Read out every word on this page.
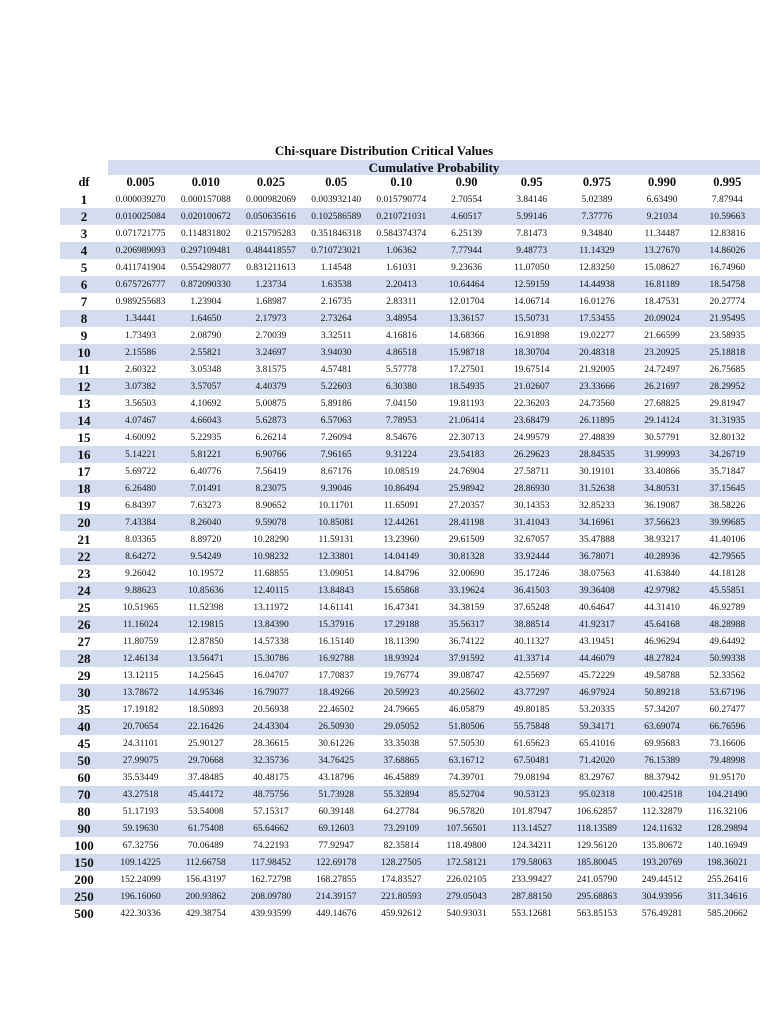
Chi-square Distribution Critical Values
Cumulative Probability
df	0.005	0.010	0.025	0.05	0.10	0.90	0.95	0.975	0.990	0.995
1	0.000039270	0.000157088	0.000982069	0.003932140	0.015790774	2.70554	3.84146	5.02389	6.63490	7.87944
2	0.010025084	0.020100672	0.050635616	0.102586589	0.210721031	4.60517	5.99146	7.37776	9.21034	10.59663
3	0.071721775	0.114831802	0.215795283	0.351846318	0.584374374	6.25139	7.81473	9.34840	11.34487	12.83816
4	0.206989093	0.297109481	0.484418557	0.710723021	1.06362	7.77944	9.48773	11.14329	13.27670	14.86026
5	0.411741904	0.554298077	0.831211613	1.14548	1.61031	9.23636	11.07050	12.83250	15.08627	16.74960
6	0.675726777	0.872090330	1.23734	1.63538	2.20413	10.64464	12.59159	14.44938	16.81189	18.54758
7	0.989255683	1.23904	1.68987	2.16735	2.83311	12.01704	14.06714	16.01276	18.47531	20.27774
8	1.34441	1.64650	2.17973	2.73264	3.48954	13.36157	15.50731	17.53455	20.09024	21.95495
9	1.73493	2.08790	2.70039	3.32511	4.16816	14.68366	16.91898	19.02277	21.66599	23.58935
10	2.15586	2.55821	3.24697	3.94030	4.86518	15.98718	18.30704	20.48318	23.20925	25.18818
11	2.60322	3.05348	3.81575	4.57481	5.57778	17.27501	19.67514	21.92005	24.72497	26.75685
12	3.07382	3.57057	4.40379	5.22603	6.30380	18.54935	21.02607	23.33666	26.21697	28.29952
13	3.56503	4.10692	5.00875	5.89186	7.04150	19.81193	22.36203	24.73560	27.68825	29.81947
14	4.07467	4.66043	5.62873	6.57063	7.78953	21.06414	23.68479	26.11895	29.14124	31.31935
15	4.60092	5.22935	6.26214	7.26094	8.54676	22.30713	24.99579	27.48839	30.57791	32.80132
16	5.14221	5.81221	6.90766	7.96165	9.31224	23.54183	26.29623	28.84535	31.99993	34.26719
17	5.69722	6.40776	7.56419	8.67176	10.08519	24.76904	27.58711	30.19101	33.40866	35.71847
18	6.26480	7.01491	8.23075	9.39046	10.86494	25.98942	28.86930	31.52638	34.80531	37.15645
19	6.84397	7.63273	8.90652	10.11701	11.65091	27.20357	30.14353	32.85233	36.19087	38.58226
20	7.43384	8.26040	9.59078	10.85081	12.44261	28.41198	31.41043	34.16961	37.56623	39.99685
21	8.03365	8.89720	10.28290	11.59131	13.23960	29.61509	32.67057	35.47888	38.93217	41.40106
22	8.64272	9.54249	10.98232	12.33801	14.04149	30.81328	33.92444	36.78071	40.28936	42.79565
23	9.26042	10.19572	11.68855	13.09051	14.84796	32.00690	35.17246	38.07563	41.63840	44.18128
24	9.88623	10.85636	12.40115	13.84843	15.65868	33.19624	36.41503	39.36408	42.97982	45.55851
25	10.51965	11.52398	13.11972	14.61141	16.47341	34.38159	37.65248	40.64647	44.31410	46.92789
26	11.16024	12.19815	13.84390	15.37916	17.29188	35.56317	38.88514	41.92317	45.64168	48.28988
27	11.80759	12.87850	14.57338	16.15140	18.11390	36.74122	40.11327	43.19451	46.96294	49.64492
28	12.46134	13.56471	15.30786	16.92788	18.93924	37.91592	41.33714	44.46079	48.27824	50.99338
29	13.12115	14.25645	16.04707	17.70837	19.76774	39.08747	42.55697	45.72229	49.58788	52.33562
30	13.78672	14.95346	16.79077	18.49266	20.59923	40.25602	43.77297	46.97924	50.89218	53.67196
35	17.19182	18.50893	20.56938	22.46502	24.79665	46.05879	49.80185	53.20335	57.34207	60.27477
40	20.70654	22.16426	24.43304	26.50930	29.05052	51.80506	55.75848	59.34171	63.69074	66.76596
45	24.31101	25.90127	28.36615	30.61226	33.35038	57.50530	61.65623	65.41016	69.95683	73.16606
50	27.99075	29.70668	32.35736	34.76425	37.68865	63.16712	67.50481	71.42020	76.15389	79.48998
60	35.53449	37.48485	40.48175	43.18796	46.45889	74.39701	79.08194	83.29767	88.37942	91.95170
70	43.27518	45.44172	48.75756	51.73928	55.32894	85.52704	90.53123	95.02318	100.42518	104.21490
80	51.17193	53.54008	57.15317	60.39148	64.27784	96.57820	101.87947	106.62857	112.32879	116.32106
90	59.19630	61.75408	65.64662	69.12603	73.29109	107.56501	113.14527	118.13589	124.11632	128.29894
100	67.32756	70.06489	74.22193	77.92947	82.35814	118.49800	124.34211	129.56120	135.80672	140.16949
150	109.14225	112.66758	117.98452	122.69178	128.27505	172.58121	179.58063	185.80045	193.20769	198.36021
200	152.24099	156.43197	162.72798	168.27855	174.83527	226.02105	233.99427	241.05790	249.44512	255.26416
250	196.16060	200.93862	208.09780	214.39157	221.80593	279.05043	287.88150	295.68863	304.93956	311.34616
500	422.30336	429.38754	439.93599	449.14676	459.92612	540.93031	553.12681	563.85153	576.49281	585.20662
